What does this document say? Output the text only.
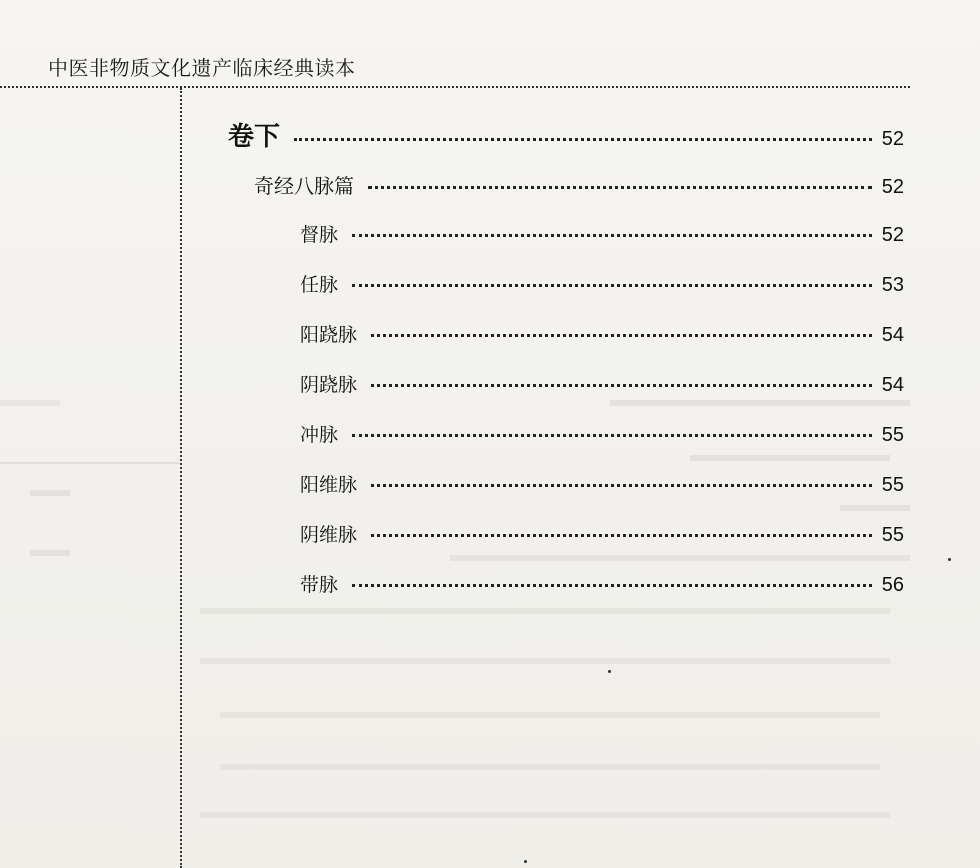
中医非物质文化遗产临床经典读本
卷下	52
奇经八脉篇	52
督脉	52
任脉	53
阳跷脉	54
阴跷脉	54
冲脉	55
阳维脉	55
阴维脉	55
带脉	56
